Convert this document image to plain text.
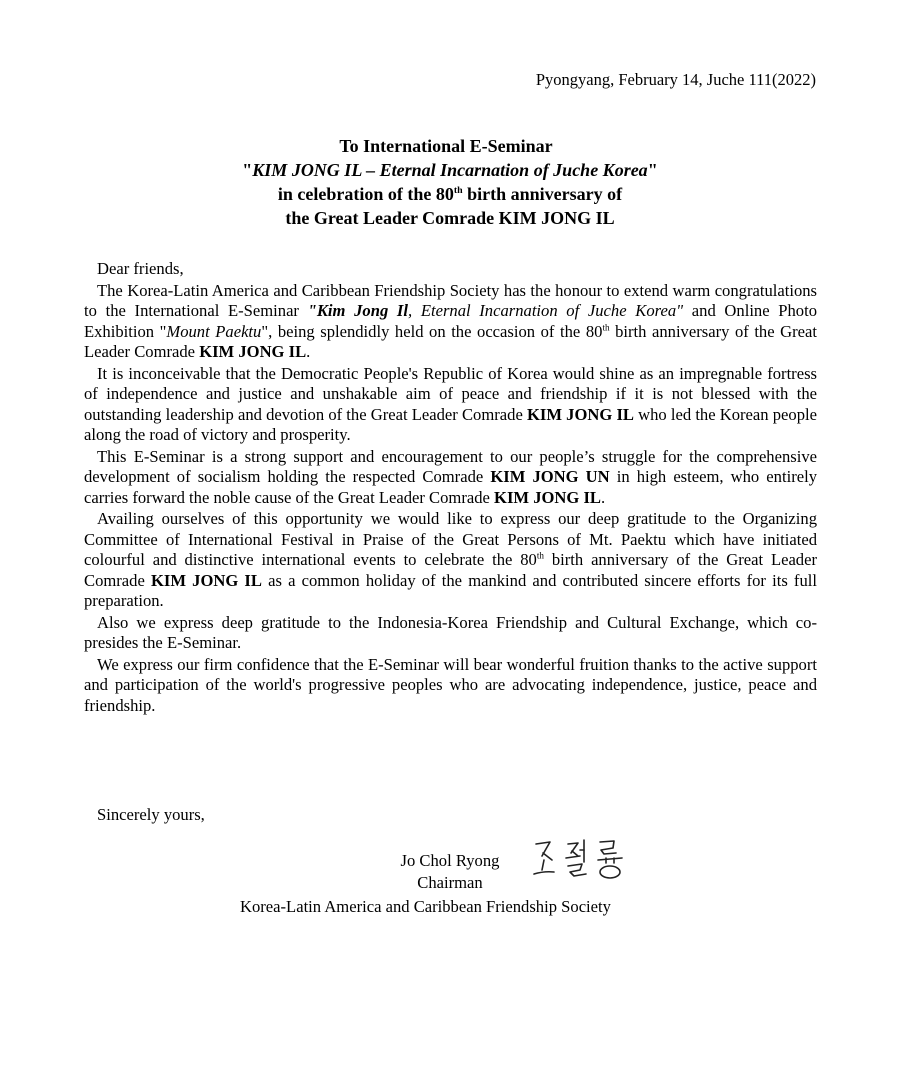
Pyongyang, February 14, Juche 111(2022)
To International E-Seminar
"KIM JONG IL – Eternal Incarnation of Juche Korea"
in celebration of the 80th birth anniversary of
the Great Leader Comrade KIM JONG IL
Dear friends,

The Korea-Latin America and Caribbean Friendship Society has the honour to extend warm congratulations to the International E-Seminar "Kim Jong Il, Eternal Incarnation of Juche Korea" and Online Photo Exhibition "Mount Paektu", being splendidly held on the occasion of the 80th birth anniversary of the Great Leader Comrade KIM JONG IL.

It is inconceivable that the Democratic People's Republic of Korea would shine as an impregnable fortress of independence and justice and unshakable aim of peace and friendship if it is not blessed with the outstanding leadership and devotion of the Great Leader Comrade KIM JONG IL who led the Korean people along the road of victory and prosperity.

This E-Seminar is a strong support and encouragement to our people’s struggle for the comprehensive development of socialism holding the respected Comrade KIM JONG UN in high esteem, who entirely carries forward the noble cause of the Great Leader Comrade KIM JONG IL.

Availing ourselves of this opportunity we would like to express our deep gratitude to the Organizing Committee of International Festival in Praise of the Great Persons of Mt. Paektu which have initiated colourful and distinctive international events to celebrate the 80th birth anniversary of the Great Leader Comrade KIM JONG IL as a common holiday of the mankind and contributed sincere efforts for its full preparation.

Also we express deep gratitude to the Indonesia-Korea Friendship and Cultural Exchange, which co-presides the E-Seminar.

We express our firm confidence that the E-Seminar will bear wonderful fruition thanks to the active support and participation of the world's progressive peoples who are advocating independence, justice, peace and friendship.

Sincerely yours,
Jo Chol Ryong
Chairman
Korea-Latin America and Caribbean Friendship Society
